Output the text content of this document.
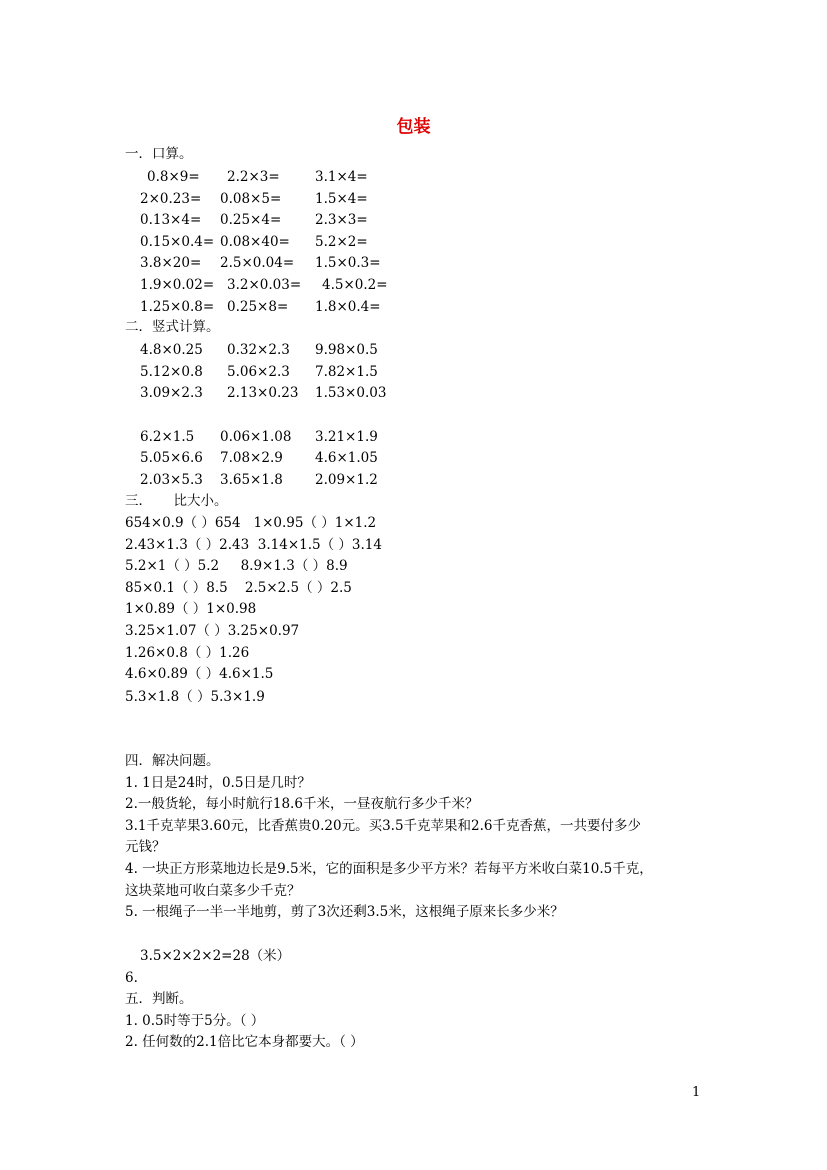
包装
一．口算。
0.8×9= 2.2×3=	3.1×4=
2×0.23= 0.08×5= 1.5×4=
0.13×4= 0.25×4= 2.3×3=
0.15×0.4= 0.08×40= 5.2×2=
3.8×20= 2.5×0.04= 1.5×0.3=
1.9×0.02= 3.2×0.03= 4.5×0.2=
1.25×0.8= 0.25×8= 1.8×0.4=
二．竖式计算。
4.8×0.25 0.32×2.3 9.98×0.5
5.12×0.8 5.06×2.3 7.82×1.5
3.09×2.3 2.13×0.23 1.53×0.03
6.2×1.5 0.06×1.08 3.21×1.9
5.05×6.6 7.08×2.9 4.6×1.05
2.03×5.3 3.65×1.8 2.09×1.2
三．     比大小。
654×0.9（ ）654   1×0.95（ ）1×1.2
2.43×1.3（ ）2.43  3.14×1.5（ ）3.14
5.2×1（ ）5.2     8.9×1.3（ ）8.9
85×0.1（ ）8.5    2.5×2.5（ ）2.5
1×0.89（ ）1×0.98
3.25×1.07（ ）3.25×0.97
1.26×0.8（ ）1.26
4.6×0.89（ ）4.6×1.5
5.3×1.8（ ）5.3×1.9
四．解决问题。
1. 1日是24时，0.5日是几时？
2.一般货轮，每小时航行18.6千米，一昼夜航行多少千米？
3.1千克苹果3.60元，比香蕉贵0.20元。买3.5千克苹果和2.6千克香蕉，一共要付多少
元钱？
4. 一块正方形菜地边长是9.5米，它的面积是多少平方米？若每平方米收白菜10.5千克，
这块菜地可收白菜多少千克？
5. 一根绳子一半一半地剪，剪了3次还剩3.5米，这根绳子原来长多少米？
3.5×2×2×2=28（米）
6.
五．判断。
1. 0.5时等于5分。（ ）
2. 任何数的2.1倍比它本身都要大。（ ）
1
